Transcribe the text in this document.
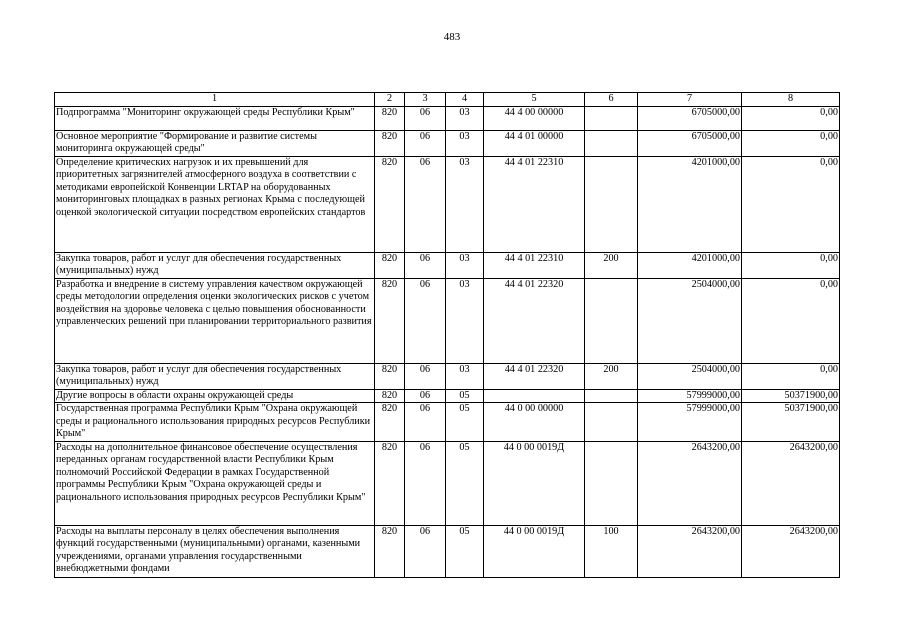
483
1	2	3	4	5	6	7	8
Подпрограмма "Мониторинг окружающей среды Республики Крым"	820	06	03	44 4 00 00000		6705000,00	0,00
Основное мероприятие "Формирование и развитие системы мониторинга окружающей среды"	820	06	03	44 4 01 00000		6705000,00	0,00
Определение критических нагрузок и их превышений для приоритетных загрязнителей атмосферного воздуха в соответствии с методиками европейской Конвенции LRTAP на оборудованных мониторинговых площадках в разных регионах Крыма с последующей оценкой экологической ситуации посредством европейских стандартов	820	06	03	44 4 01 22310		4201000,00	0,00
Закупка товаров, работ и услуг для обеспечения государственных (муниципальных) нужд	820	06	03	44 4 01 22310	200	4201000,00	0,00
Разработка и внедрение в систему управления качеством окружающей среды методологии определения оценки экологических рисков с учетом воздействия на здоровье человека с целью повышения обоснованности управленческих решений при планировании территориального развития	820	06	03	44 4 01 22320		2504000,00	0,00
Закупка товаров, работ и услуг для обеспечения государственных (муниципальных) нужд	820	06	03	44 4 01 22320	200	2504000,00	0,00
Другие вопросы в области охраны окружающей среды	820	06	05			57999000,00	50371900,00
Государственная программа Республики Крым "Охрана окружающей среды и рационального использования природных ресурсов Республики Крым"	820	06	05	44 0 00 00000		57999000,00	50371900,00
Расходы на дополнительное финансовое обеспечение осуществления переданных органам государственной власти Республики Крым полномочий Российской Федерации в рамках Государственной программы Республики Крым "Охрана окружающей среды и рационального использования природных ресурсов Республики Крым"	820	06	05	44 0 00 0019Д		2643200,00	2643200,00
Расходы на выплаты персоналу в целях обеспечения выполнения функций государственными (муниципальными) органами, казенными учреждениями, органами управления государственными внебюджетными фондами	820	06	05	44 0 00 0019Д	100	2643200,00	2643200,00
